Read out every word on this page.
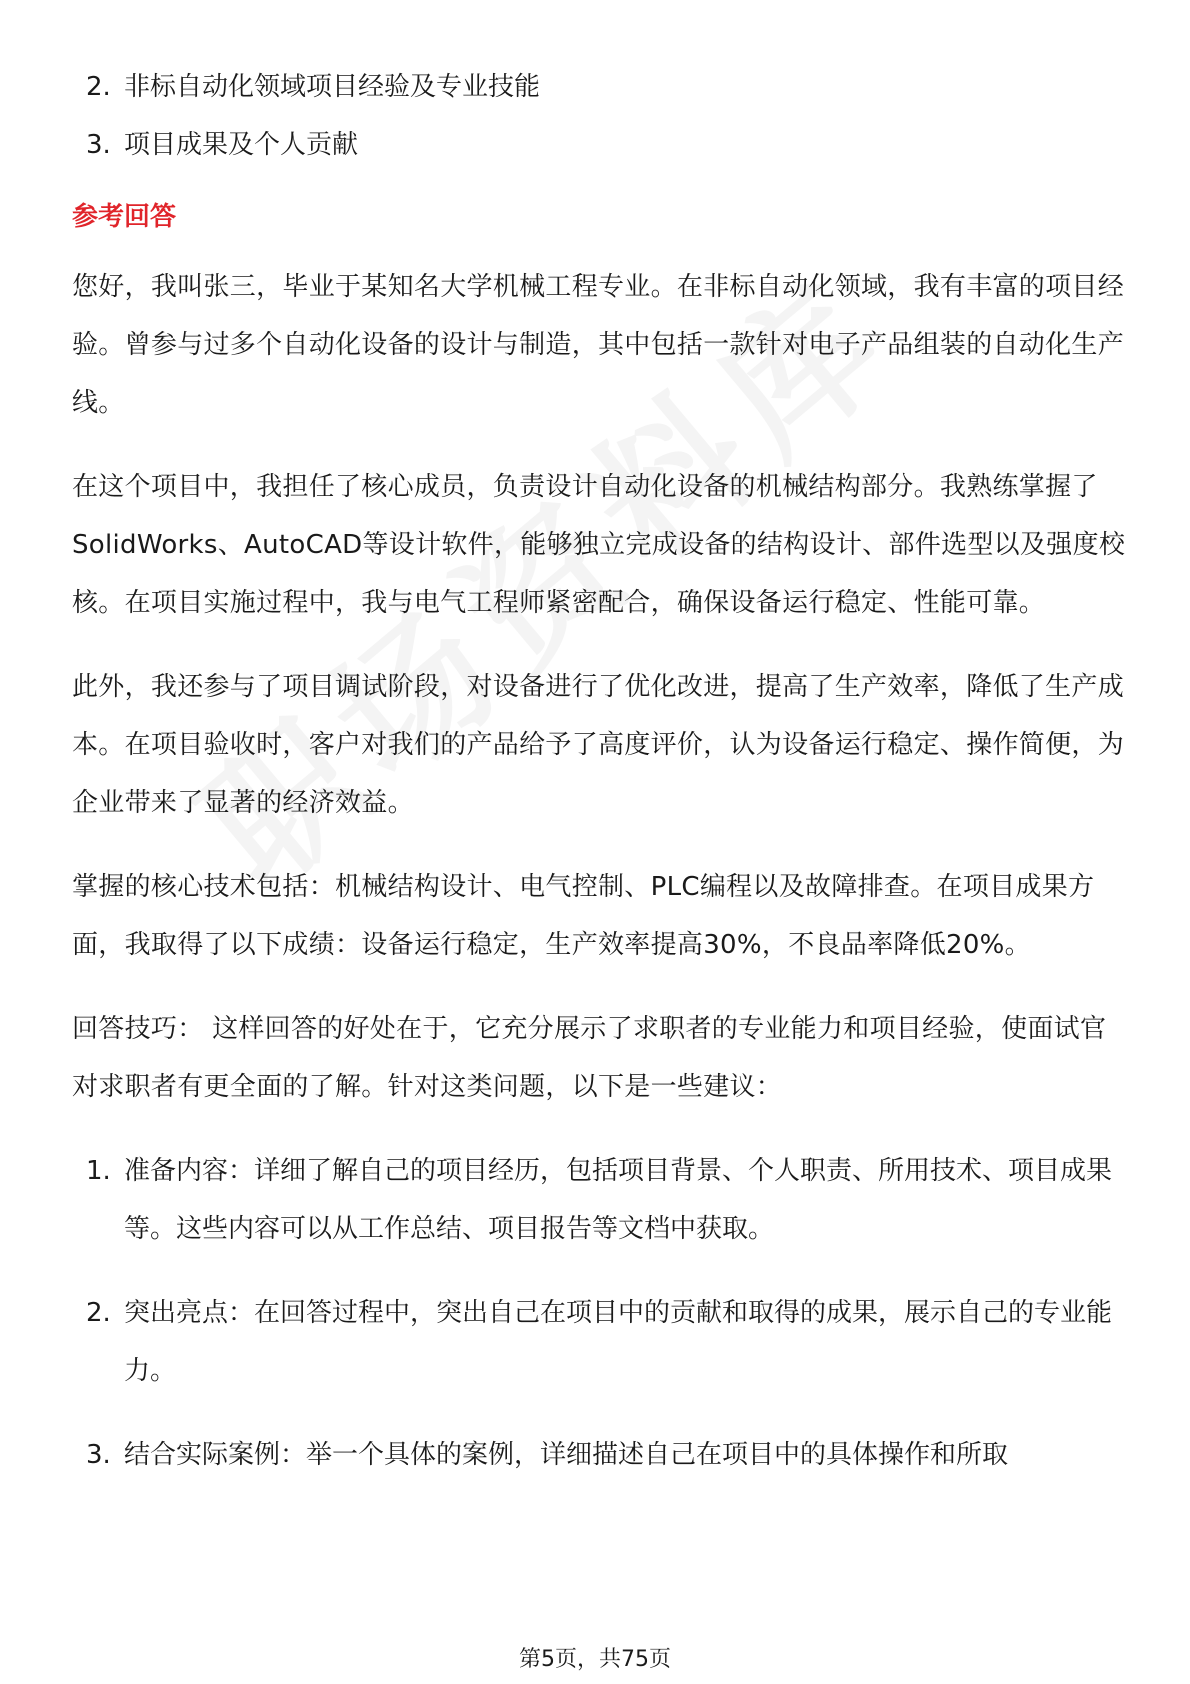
2. 非标自动化领域项目经验及专业技能
3. 项目成果及个人贡献
参考回答

您好，我叫张三，毕业于某知名大学机械工程专业。在非标自动化领域，我有丰富的项目经验。曾参与过多个自动化设备的设计与制造，其中包括一款针对电子产品组装的自动化生产线。

在这个项目中，我担任了核心成员，负责设计自动化设备的机械结构部分。我熟练掌握了SolidWorks、AutoCAD等设计软件，能够独立完成设备的结构设计、部件选型以及强度校核。在项目实施过程中，我与电气工程师紧密配合，确保设备运行稳定、性能可靠。

此外，我还参与了项目调试阶段，对设备进行了优化改进，提高了生产效率，降低了生产成本。在项目验收时，客户对我们的产品给予了高度评价，认为设备运行稳定、操作简便，为企业带来了显著的经济效益。

掌握的核心技术包括：机械结构设计、电气控制、PLC编程以及故障排查。在项目成果方面，我取得了以下成绩：设备运行稳定，生产效率提高30%，不良品率降低20%。

回答技巧： 这样回答的好处在于，它充分展示了求职者的专业能力和项目经验，使面试官对求职者有更全面的了解。针对这类问题，以下是一些建议：

1. 准备内容：详细了解自己的项目经历，包括项目背景、个人职责、所用技术、项目成果等。这些内容可以从工作总结、项目报告等文档中获取。
2. 突出亮点：在回答过程中，突出自己在项目中的贡献和取得的成果，展示自己的专业能力。
3. 结合实际案例：举一个具体的案例，详细描述自己在项目中的具体操作和所取
第5页，共75页
